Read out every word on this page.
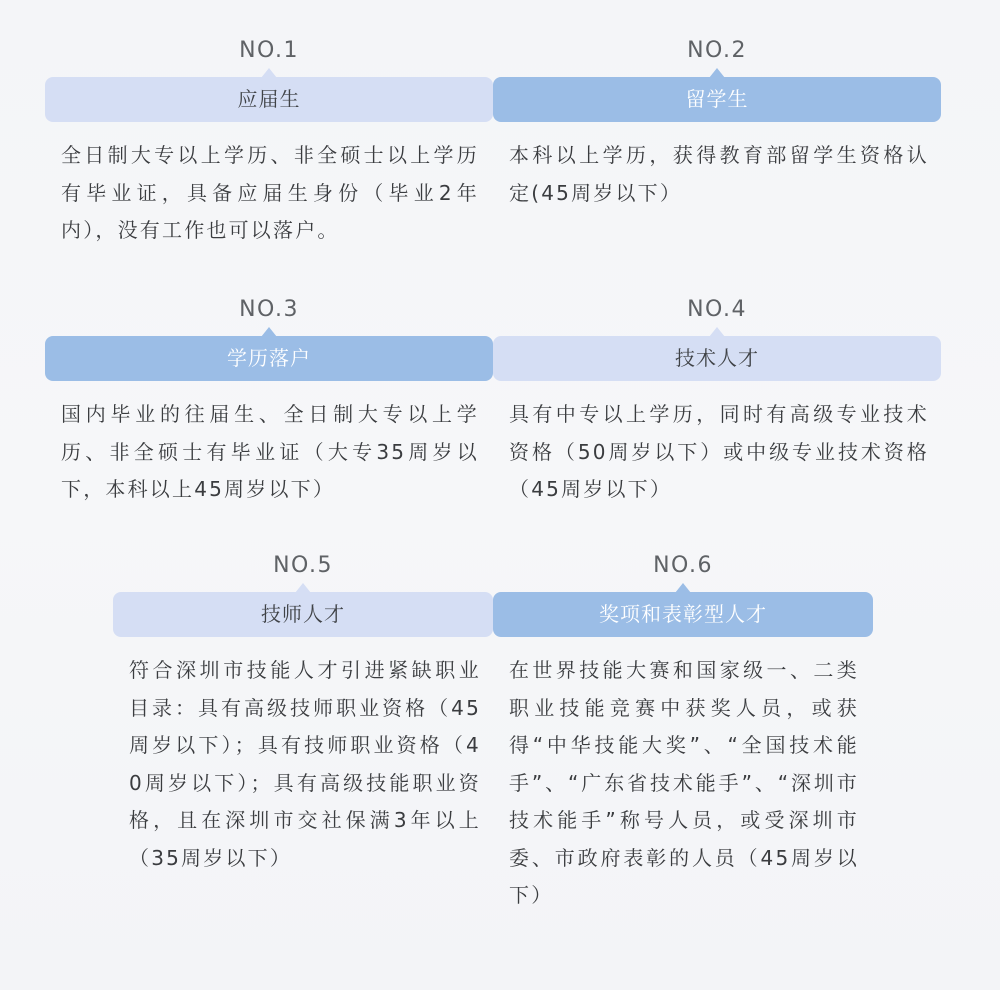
NO.1
应届生
全日制大专以上学历、非全硕士以上学历有毕业证，具备应届生身份（毕业2年内），没有工作也可以落户。
NO.2
留学生
本科以上学历，获得教育部留学生资格认定(45周岁以下）
NO.3
学历落户
国内毕业的往届生、全日制大专以上学历、非全硕士有毕业证（大专35周岁以下，本科以上45周岁以下）
NO.4
技术人才
具有中专以上学历，同时有高级专业技术资格（50周岁以下）或中级专业技术资格（45周岁以下）
NO.5
技师人才
符合深圳市技能人才引进紧缺职业目录：具有高级技师职业资格（45周岁以下）；具有技师职业资格（40周岁以下）；具有高级技能职业资格，且在深圳市交社保满3年以上（35周岁以下）
NO.6
奖项和表彰型人才
在世界技能大赛和国家级一、二类职业技能竞赛中获奖人员，或获得“中华技能大奖”、“全国技术能手”、“广东省技术能手”、“深圳市技术能手”称号人员，或受深圳市委、市政府表彰的人员（45周岁以下）
